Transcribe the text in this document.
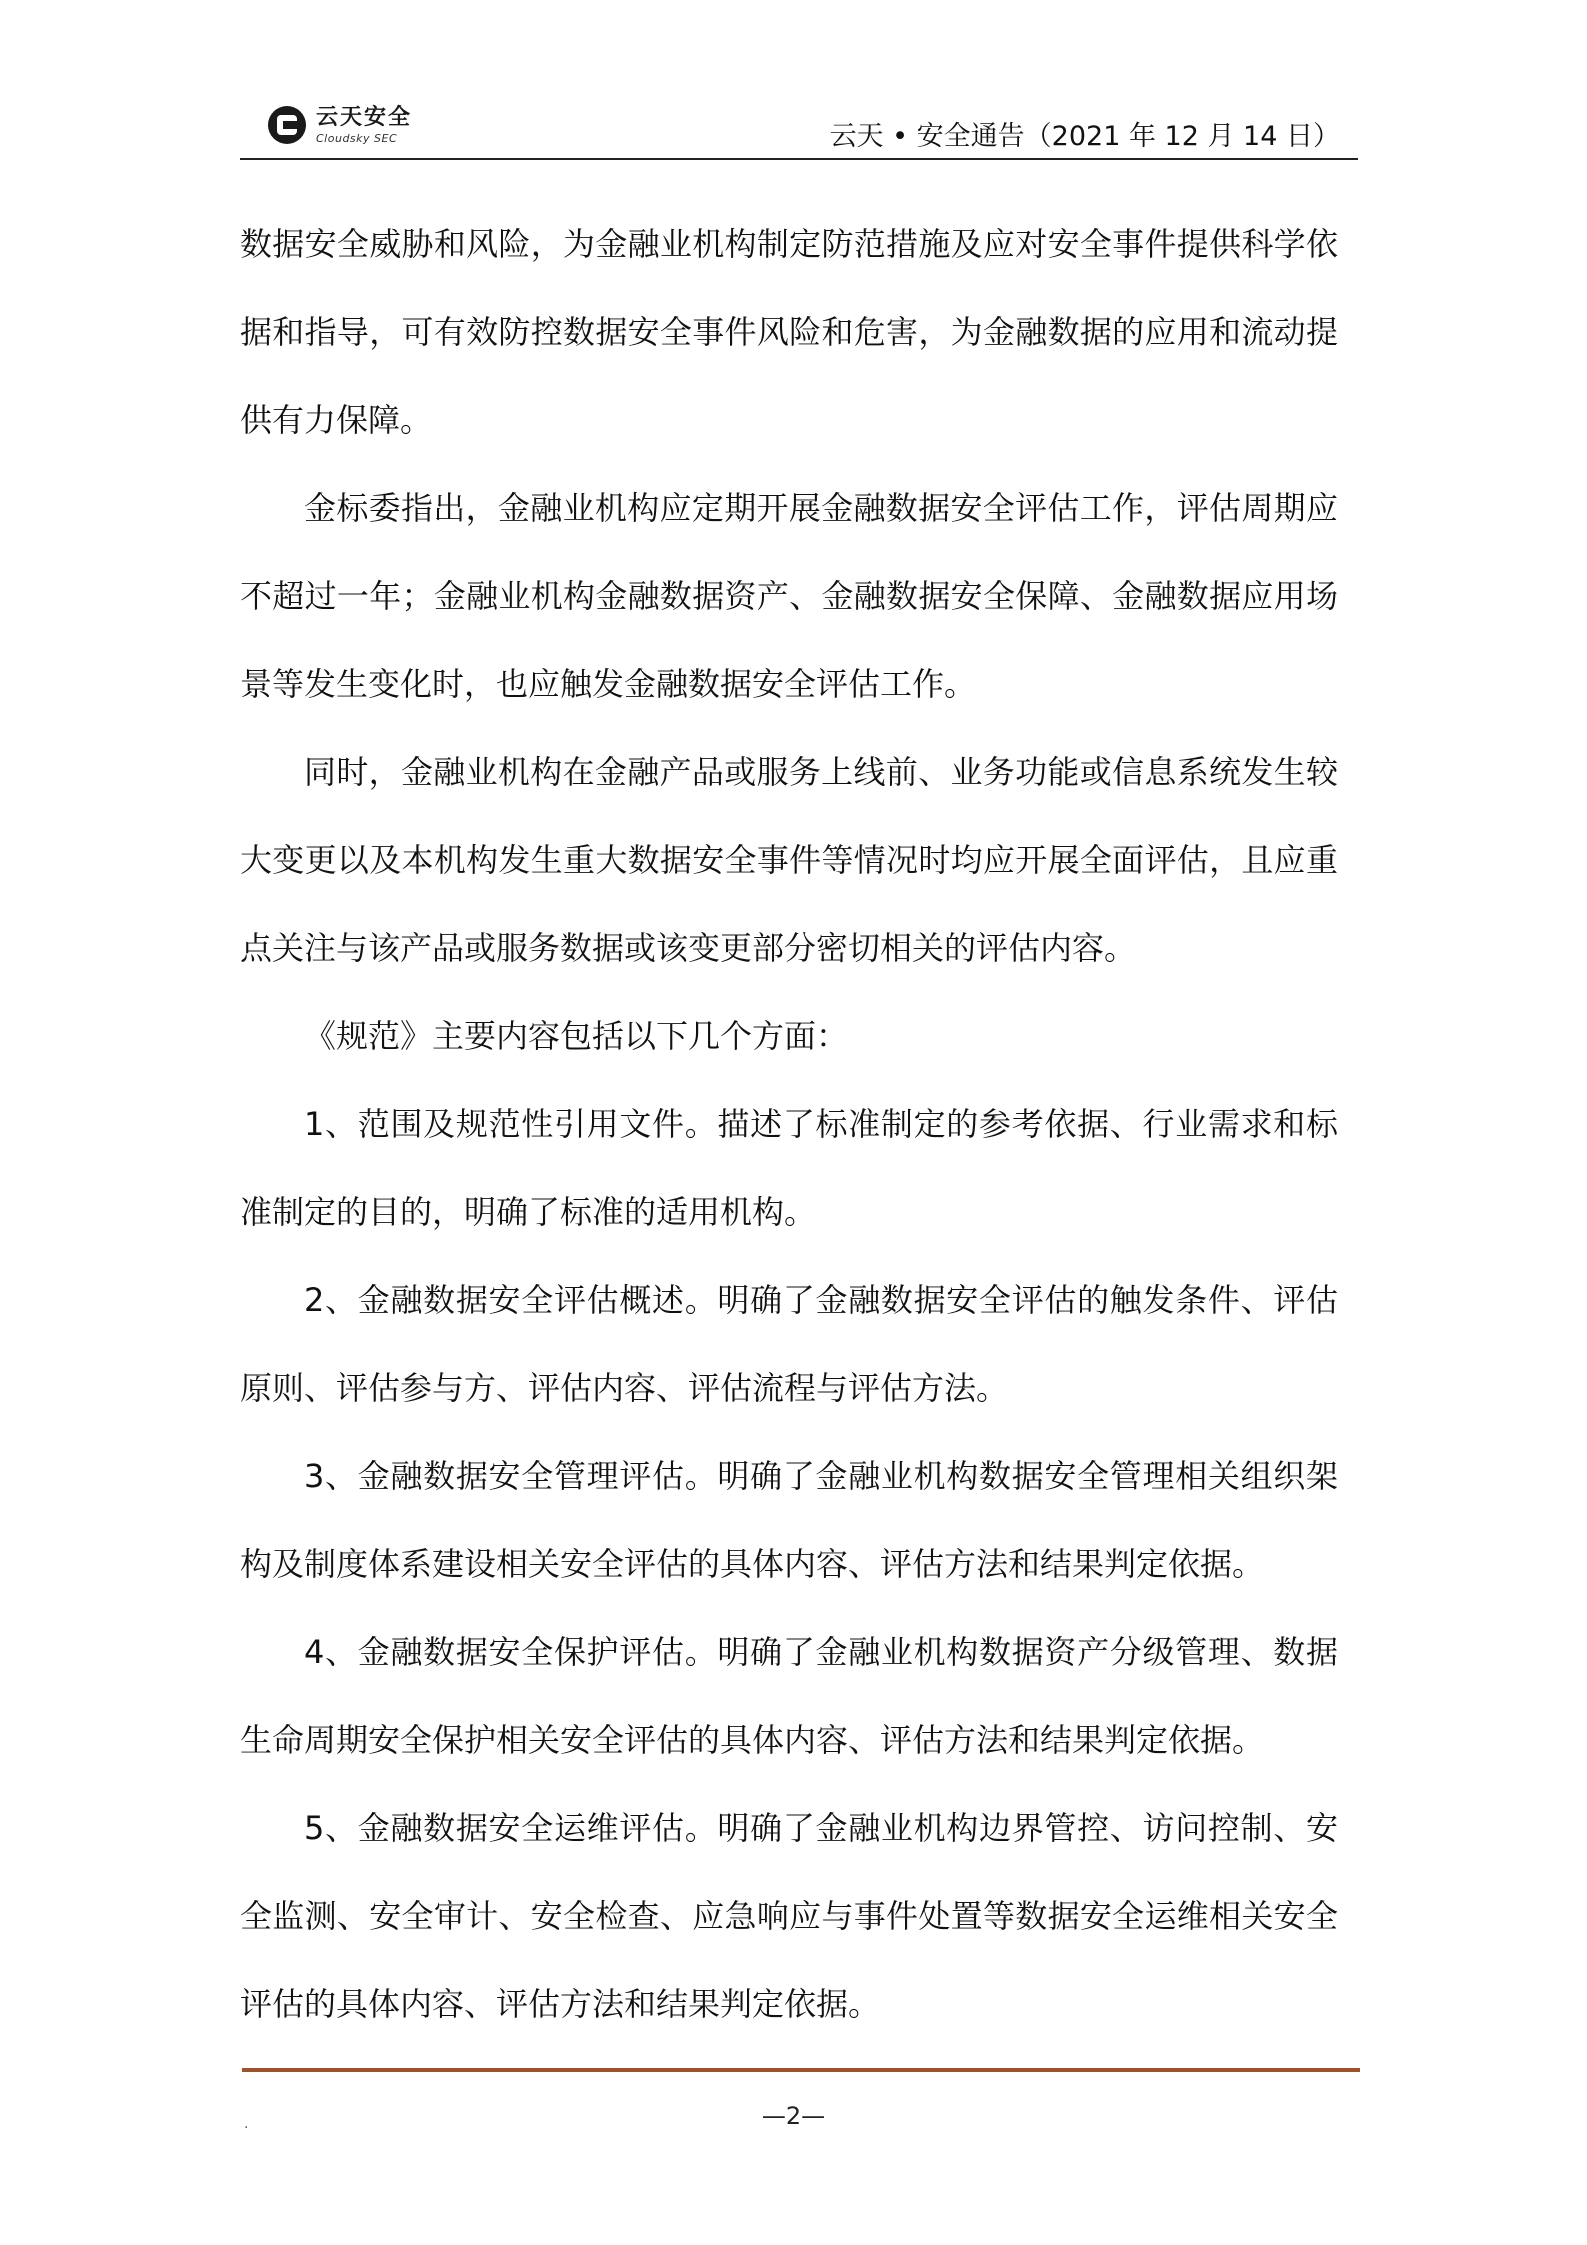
云天安全
Cloudsky SEC	云天 • 安全通告（2021 年 12 月 14 日）

数据安全威胁和风险，为金融业机构制定防范措施及应对安全事件提供科学依据和指导，可有效防控数据安全事件风险和危害，为金融数据的应用和流动提供有力保障。

金标委指出，金融业机构应定期开展金融数据安全评估工作，评估周期应不超过一年；金融业机构金融数据资产、金融数据安全保障、金融数据应用场景等发生变化时，也应触发金融数据安全评估工作。

同时，金融业机构在金融产品或服务上线前、业务功能或信息系统发生较大变更以及本机构发生重大数据安全事件等情况时均应开展全面评估，且应重点关注与该产品或服务数据或该变更部分密切相关的评估内容。

《规范》主要内容包括以下几个方面：

1、范围及规范性引用文件。描述了标准制定的参考依据、行业需求和标准制定的目的，明确了标准的适用机构。

2、金融数据安全评估概述。明确了金融数据安全评估的触发条件、评估原则、评估参与方、评估内容、评估流程与评估方法。

3、金融数据安全管理评估。明确了金融业机构数据安全管理相关组织架构及制度体系建设相关安全评估的具体内容、评估方法和结果判定依据。

4、金融数据安全保护评估。明确了金融业机构数据资产分级管理、数据生命周期安全保护相关安全评估的具体内容、评估方法和结果判定依据。

5、金融数据安全运维评估。明确了金融业机构边界管控、访问控制、安全监测、安全审计、安全检查、应急响应与事件处置等数据安全运维相关安全评估的具体内容、评估方法和结果判定依据。

.	—2—
